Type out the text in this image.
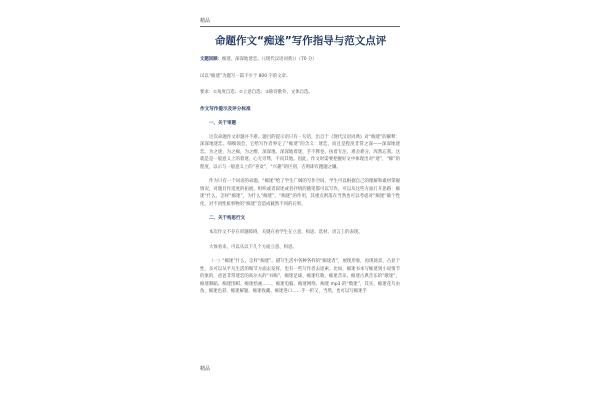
精品
命题作文“痴迷”写作指导与范文点评

文题回顾：痴迷、深深地迷恋。（《现代汉语词典》）（70 分）

试以“痴迷”为题写一篇不少于 800 字的文章。

要求：①角度自选；②立意自选；③除诗歌外，文体自选。

作文写作提示及评分标准
一、关于审题

这次命题作文审题并不难。题目的提示语只有一句话，出自于《现代汉语词典》对“痴迷”的解释：深深地迷恋。细细领会，它给写作者界定了“痴迷”的含义：迷恋，而且是程度非常之深——深深地迷恋。为之迷，为之痴，为之醉，深深地、深深地着迷，手不释卷、执着专注、难舍难分、浑然忘我。这就是是一般意义上的着迷，心无旁骛，不问其他。因此，作文时需要把握好文中体现出对“迷”，“痴”的程度，以示与一般意义上的“喜欢”，“兴趣”的区别，否则即有跑题之嫌。

作为只有一个词语的命题，“痴迷”给了学生广阔的写作空间，学生可以根据自己的理解和素材掌握情况，对题目作适度的拓展。组织或者叙述或者抒情的随笔都可以写作。可以从这些方面打开思路：痴迷“什么，怎样“痴迷”，为什么“痴迷”，“痴迷”的作用，其重点则落在当然也可以考虑对“痴迷”做个性化，对不同性质事物的“痴迷”会造成截然不同的后果。

二、关于构思行文

本次作文不存在审题障碍，关键在看学生在立意、构思、选材、语言上的表现。

大体看来，可以从以下几个方面立意、构思。

（一）“痴迷”什么，怎样“痴迷”。描写生活中各种各样的“痴迷者”，展现形象，再现场景，凸显个性，多可以从平凡生活的细节方面去发挥，也有一些写作者去思索。比如，痴迷书本写痴迷到小说情节的象的，爸爸非常迷恋的高尔夫的“书痴”，痴迷足球、痴迷红歌、痴迷音乐、痴迷古典音乐的“歌迷”，痴迷舞蹈、痴迷围棋、痴迷绘画……，痴迷电脑、痴迷网络、痴迷 mp3 的“数迷”，其实，痴迷花鸟虫鱼、痴迷色彩、痴迷解题、痴迷收藏、痴迷进口……手一折又，当然，也可以写痴迷手

精品
